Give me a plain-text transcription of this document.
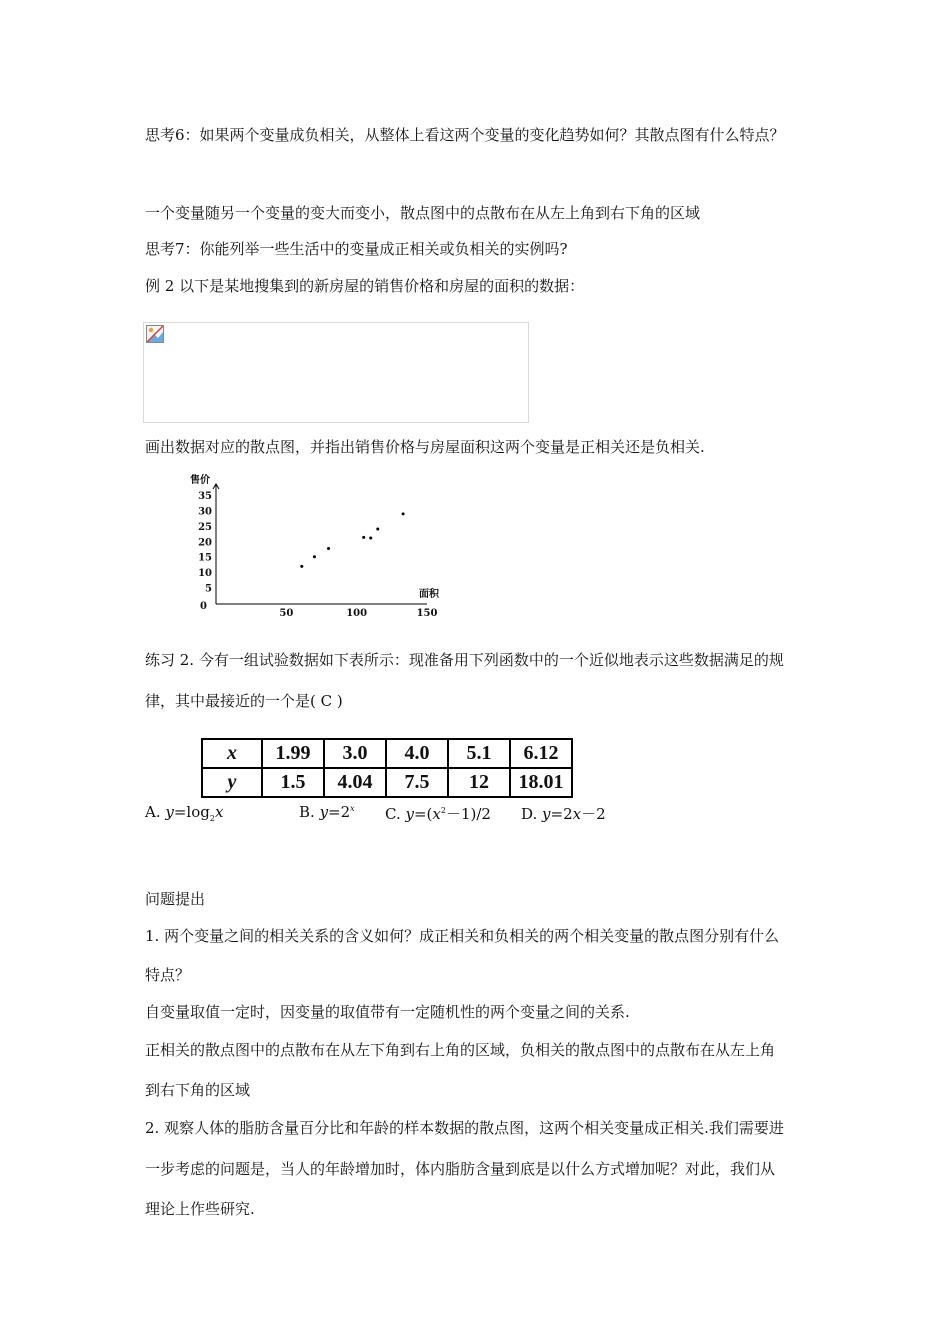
思考6：如果两个变量成负相关，从整体上看这两个变量的变化趋势如何？其散点图有什么特点？
一个变量随另一个变量的变大而变小，散点图中的点散布在从左上角到右下角的区域
思考7：你能列举一些生活中的变量成正相关或负相关的实例吗?
例 2 以下是某地搜集到的新房屋的销售价格和房屋的面积的数据：
画出数据对应的散点图，并指出销售价格与房屋面积这两个变量是正相关还是负相关.
0
5
10
15
20
25
30
35
50	100	150
售价
面积
练习 2. 今有一组试验数据如下表所示：现准备用下列函数中的一个近似地表示这些数据满足的规
律，其中最接近的一个是( C )
x	1.99	3.0	4.0	5.1	6.12
y	1.5	4.04	7.5	12	18.01
A. $y=\log_2x$	B. $y=2^x$ C. $y=(x^2-1)/2$ D. y=2x－2
问题提出
1. 两个变量之间的相关关系的含义如何？成正相关和负相关的两个相关变量的散点图分别有什么
特点？
自变量取值一定时，因变量的取值带有一定随机性的两个变量之间的关系.
正相关的散点图中的点散布在从左下角到右上角的区域，负相关的散点图中的点散布在从左上角
到右下角的区域
2. 观察人体的脂肪含量百分比和年龄的样本数据的散点图，这两个相关变量成正相关.我们需要进
一步考虑的问题是，当人的年龄增加时，体内脂肪含量到底是以什么方式增加呢？对此，我们从
理论上作些研究.
